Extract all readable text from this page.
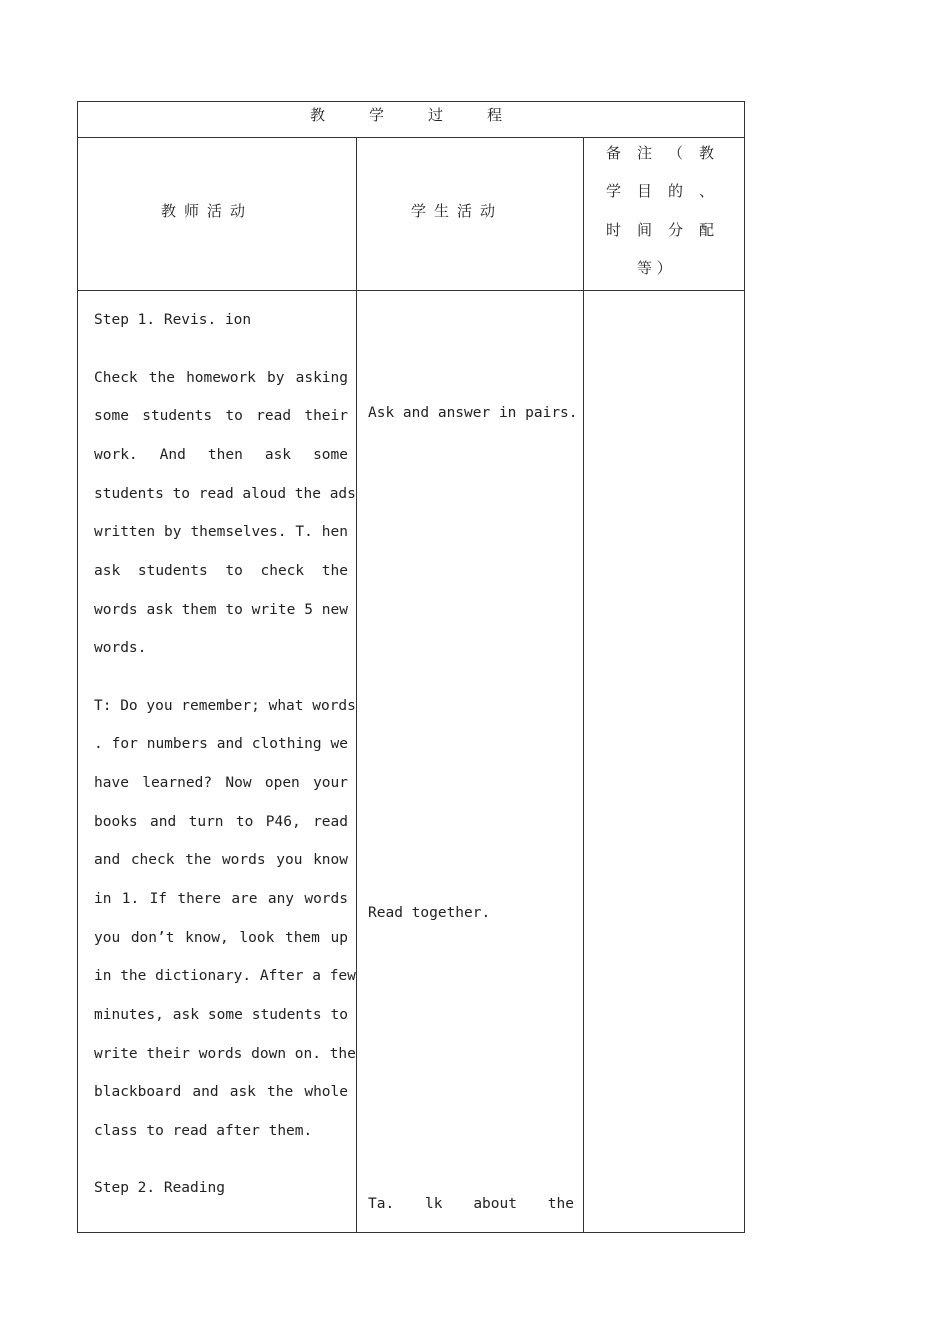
教学过程
教师活动	学生活动
备 注 （ 教
学 目 的 、
时 间 分 配
等 ）
Step 1. Revis. ion
Check the homework by asking
some students to read their
work. And then ask some
students to read aloud the ads
written by themselves. T. hen
ask students to check the
words ask them to write 5 new
words.
T: Do you remember; what words
. for numbers and clothing we
have learned? Now open your
books and turn to P46, read
and check the words you know
in 1. If there are any words
you don’t know, look them up
in the dictionary. After a few
minutes, ask some students to
write their words down on. the
blackboard and ask the whole
class to read after them.
Step 2. Reading
Ask and answer in pairs.
Read together.
Ta. lk about the
